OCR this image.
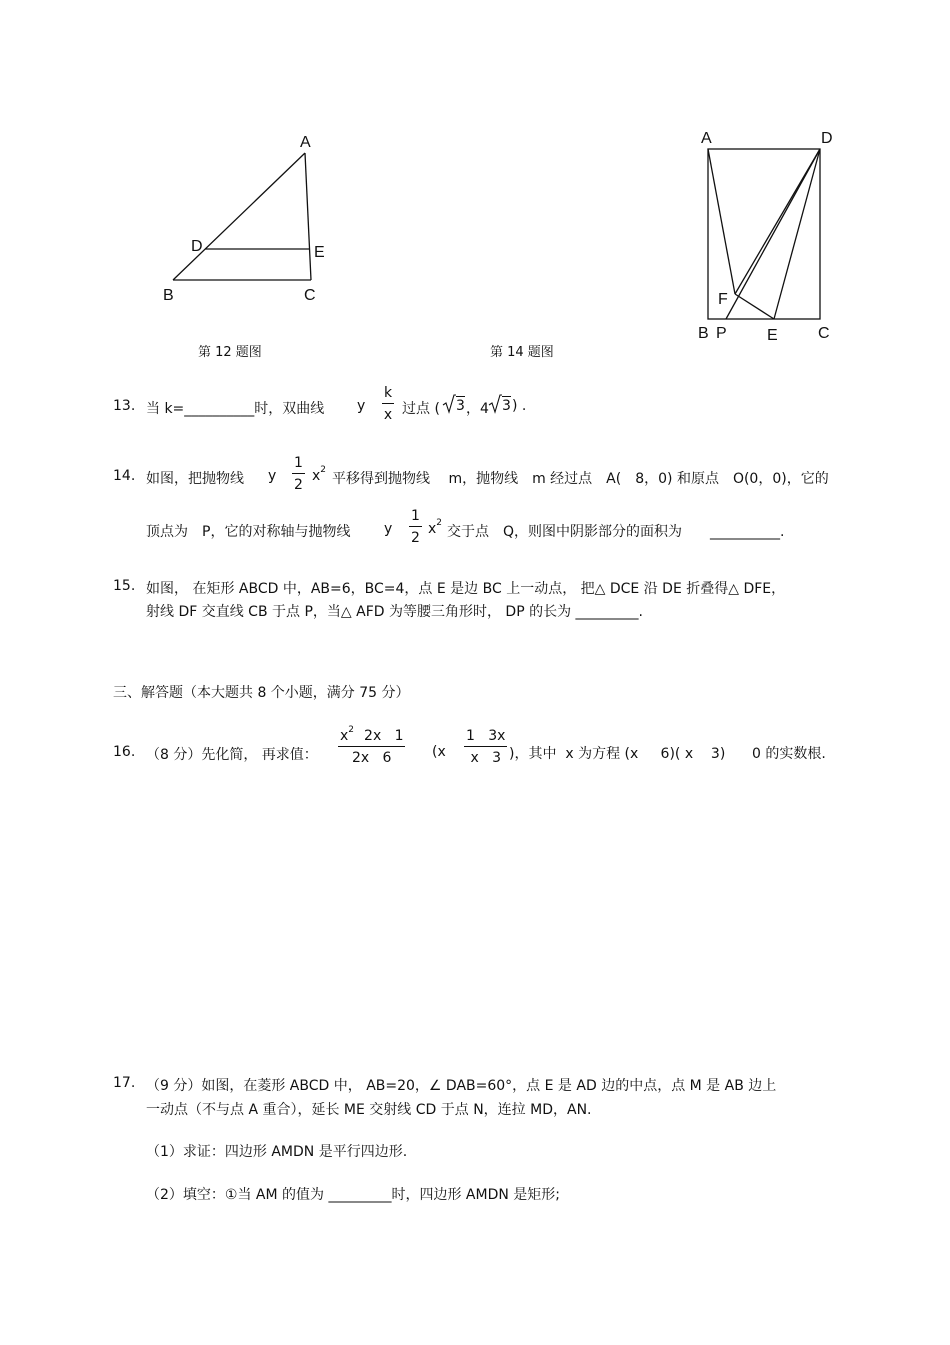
A
D	E
B	C
第 12 题图
A	D
F
B P	E	C
第 14 题图
13. 当 k=__________时，双曲线 y $\frac{k}{x}$ 过点 ( 3 ，4 3 ) .
14. 如图，把抛物线 y $\frac{1}{2} x^2$
平移得到抛物线　 m，抛物线　m 经过点　A(　8，0) 和原点　O(0，0)，它的
顶点为　P，它的对称轴与抛物线 y $\frac{1}{2} x^2$
交于点　Q，则图中阴影部分的面积为　　__________.
15. 如图， 在矩形 ABCD 中，AB=6，BC=4，点 E 是边 BC 上一动点， 把△ DCE 沿 DE 折叠得△ DFE，
射线 DF 交直线 CB 于点 P，当△ AFD 为等腰三角形时， DP 的长为 _________.
三、解答题（本大题共 8 个小题，满分 75 分）
16. （8 分）先化简， 再求值： $\frac{x^2 2x 1}{2x 6} (x \frac{1 3x}{x 3}$ )，其中  x 为方程 (x     6)( x    3)      0 的实数根.
17. （9 分）如图，在菱形 ABCD 中， AB=20，∠ DAB=60°，点 E 是 AD 边的中点，点 M 是 AB 边上
一动点（不与点 A 重合），延长 ME 交射线 CD 于点 N，连拉 MD，AN.
（1）求证：四边形 AMDN 是平行四边形.
（2）填空：①当 AM 的值为 _________时，四边形 AMDN 是矩形;
